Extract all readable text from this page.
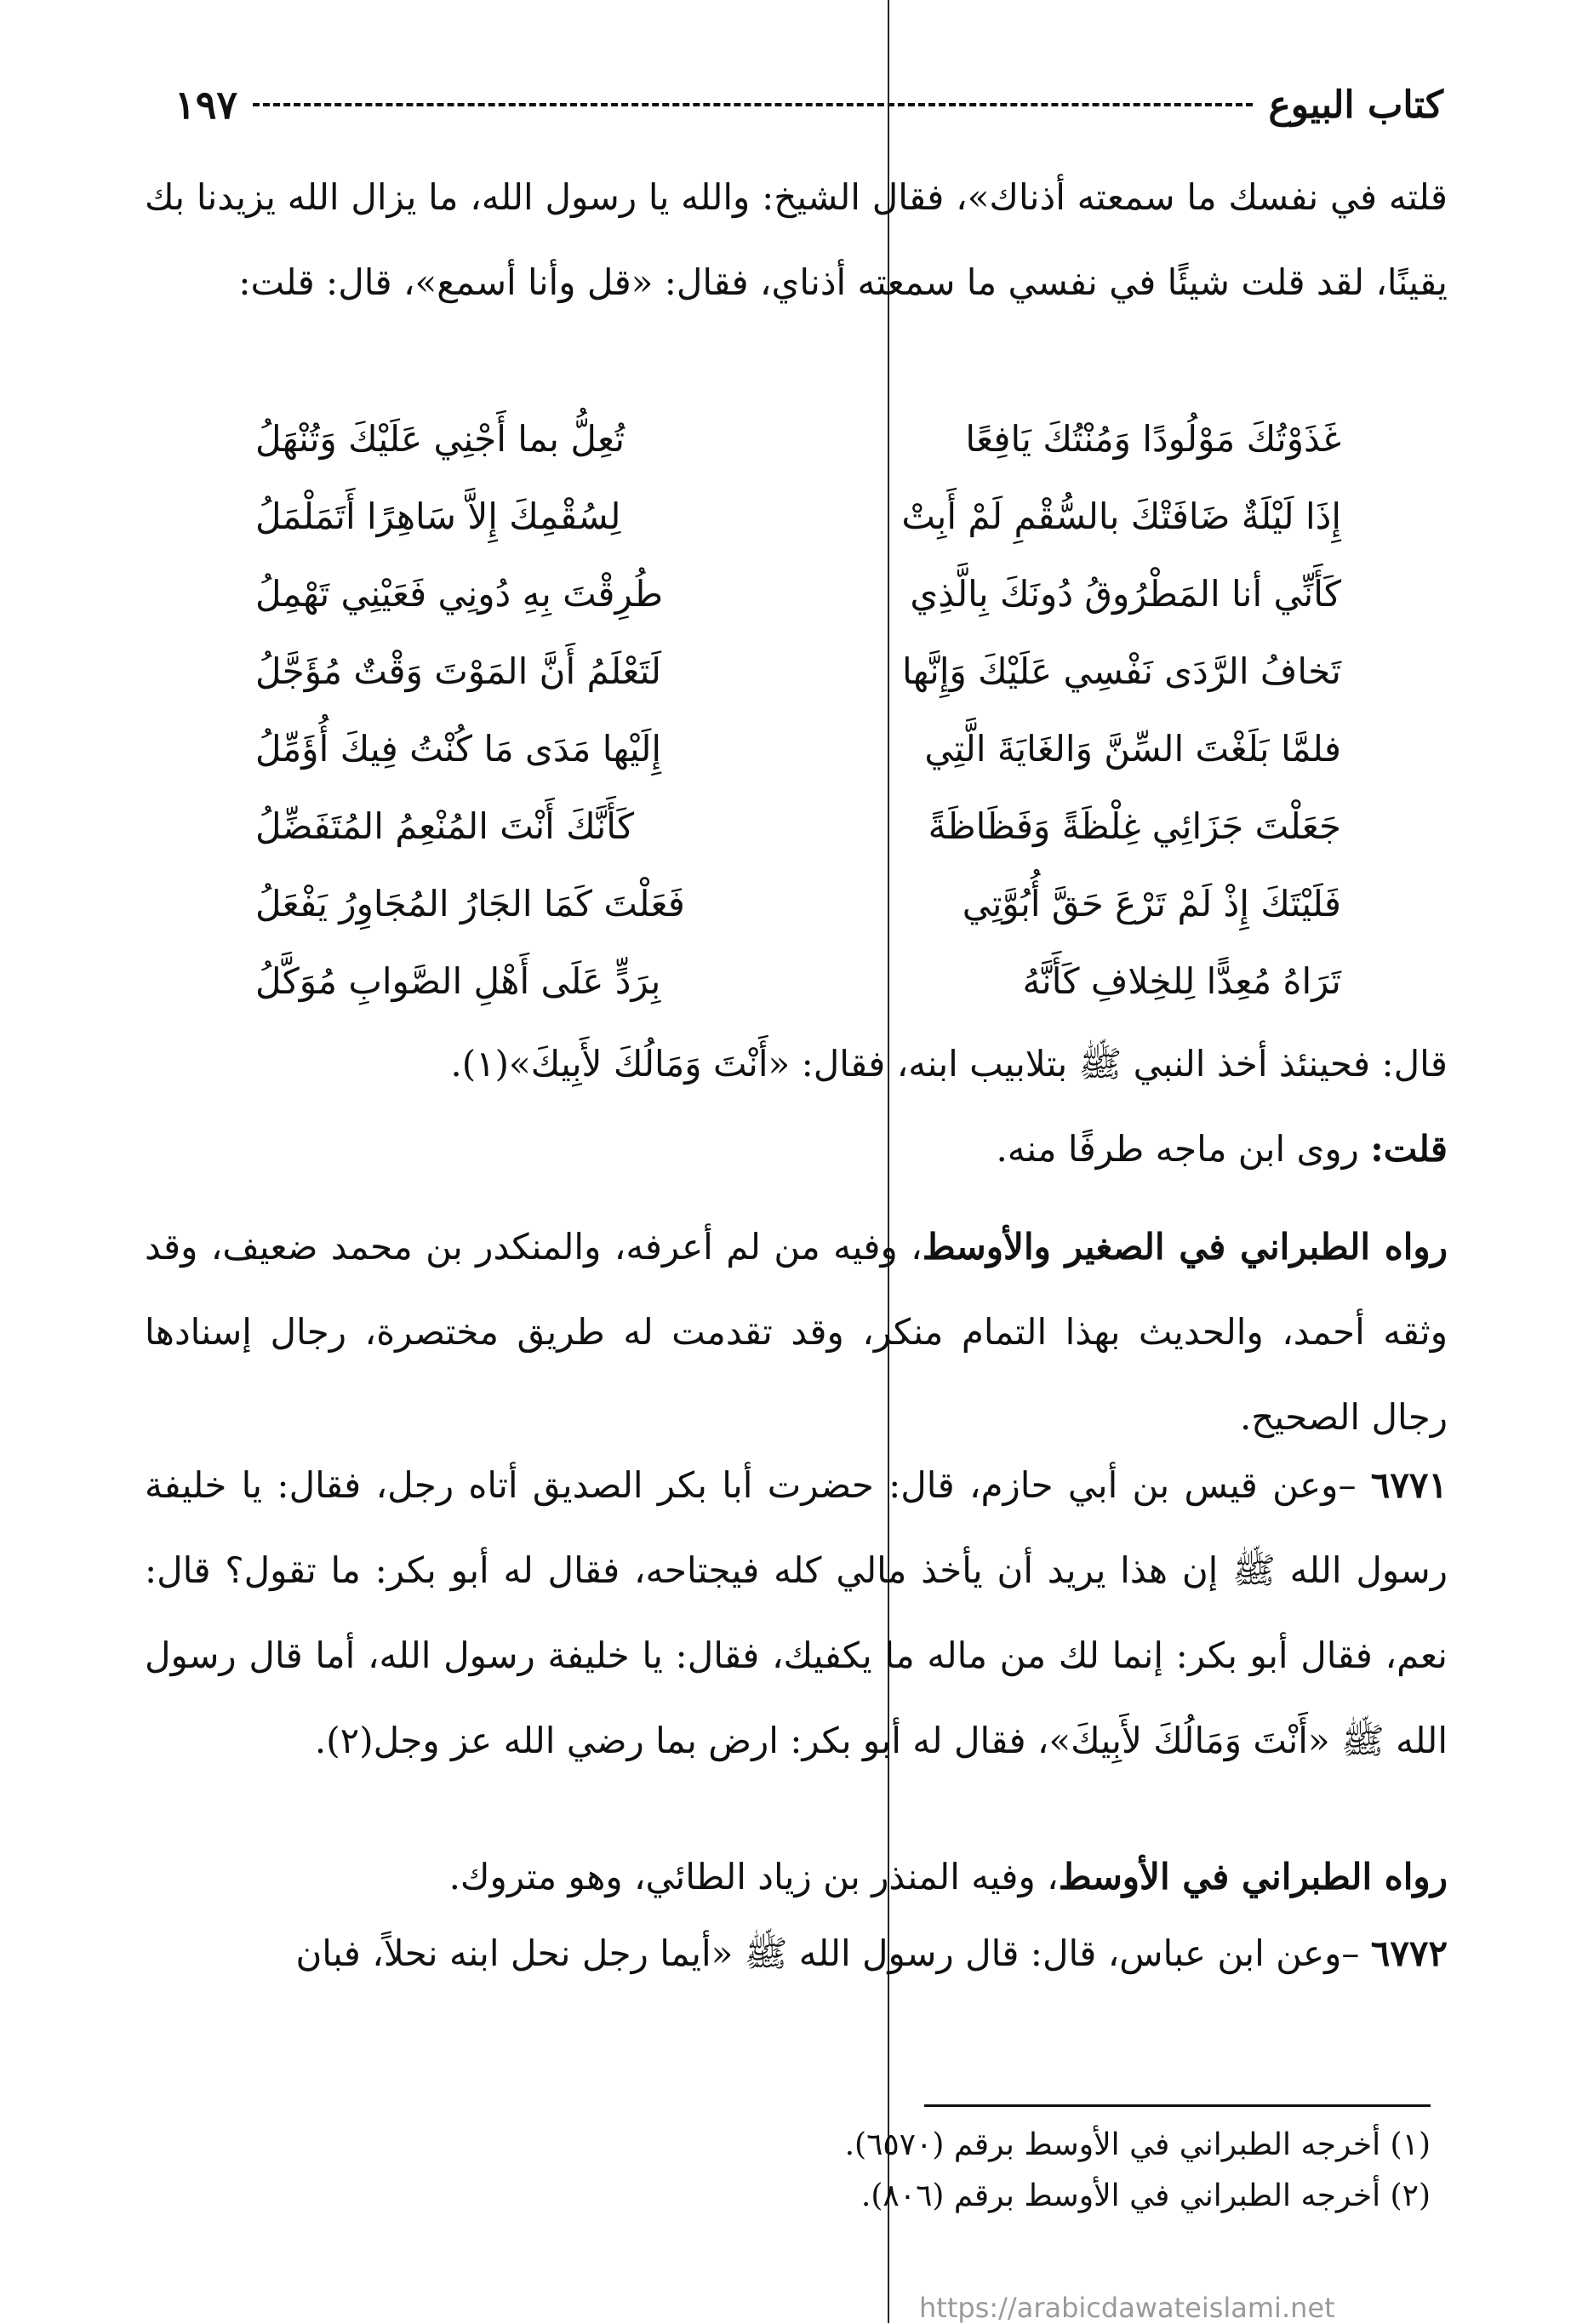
كتاب البيوع
١٩٧
قلته في نفسك ما سمعته أذناك»، فقال الشيخ: والله يا رسول الله، ما يزال الله يزيدنا بك يقينًا، لقد قلت شيئًا في نفسي ما سمعته أذناي، فقال: «قل وأنا أسمع»، قال: قلت:
غَذَوْتُكَ مَوْلُودًا وَمُنْتُكَ يَافِعًا
تُعِلُّ بما أَجْنِي عَلَيْكَ وَتُنْهَلُ
إِذَا لَيْلَةٌ ضَافَتْكَ بالسُّقْمِ لَمْ أَبِتْ
لِسُقْمِكَ إِلاَّ سَاهِرًا أَتَمَلْمَلُ
كَأَنِّي أنا المَطْرُوقُ دُونَكَ بِالَّذِي
طُرِقْتَ بِهِ دُونِي فَعَيْنِي تَهْمِلُ
تَخافُ الرَّدَى نَفْسِي عَلَيْكَ وَإِنَّها
لَتَعْلَمُ أَنَّ المَوْتَ وَقْتٌ مُؤَجَّلُ
فلمَّا بَلَغْتَ السِّنَّ وَالغَايَةَ الَّتِي
إِلَيْها مَدَى مَا كُنْتُ فِيكَ أُؤَمِّلُ
جَعَلْتَ جَزَائِي غِلْظَةً وَفَظَاظَةً
كَأَنَّكَ أَنْتَ المُنْعِمُ المُتَفَضِّلُ
فَلَيْتَكَ إِذْ لَمْ تَرْعَ حَقَّ أُبُوَّتِي
فَعَلْتَ كَمَا الجَارُ المُجَاوِرُ يَفْعَلُ
تَرَاهُ مُعِدًّا لِلخِلافِ كَأَنَّهُ
بِرَدٍّ عَلَى أَهْلِ الصَّوابِ مُوَكَّلُ
قال: فحينئذ أخذ النبي ﷺ بتلابيب ابنه، فقال: «أَنْتَ وَمَالُكَ لأَبِيكَ»(١).
قلت: روى ابن ماجه طرفًا منه.
رواه الطبراني في الصغير والأوسط، وفيه من لم أعرفه، والمنكدر بن محمد ضعيف، وقد وثقه أحمد، والحديث بهذا التمام منكر، وقد تقدمت له طريق مختصرة، رجال إسنادها رجال الصحيح.
٦٧٧١ –وعن قيس بن أبي حازم، قال: حضرت أبا بكر الصديق أتاه رجل، فقال: يا خليفة رسول الله ﷺ إن هذا يريد أن يأخذ مالي كله فيجتاحه، فقال له أبو بكر: ما تقول؟ قال: نعم، فقال أبو بكر: إنما لك من ماله ما يكفيك، فقال: يا خليفة رسول الله، أما قال رسول الله ﷺ «أَنْتَ وَمَالُكَ لأَبِيكَ»، فقال له أبو بكر: ارض بما رضي الله عز وجل(٢).
رواه الطبراني في الأوسط، وفيه المنذر بن زياد الطائي، وهو متروك.
٦٧٧٢ –وعن ابن عباس، قال: قال رسول الله ﷺ «أيما رجل نحل ابنه نحلاً، فبان
(١) أخرجه الطبراني في الأوسط برقم (٦٥٧٠).
(٢) أخرجه الطبراني في الأوسط برقم (٨٠٦).
https://arabicdawateislami.net
